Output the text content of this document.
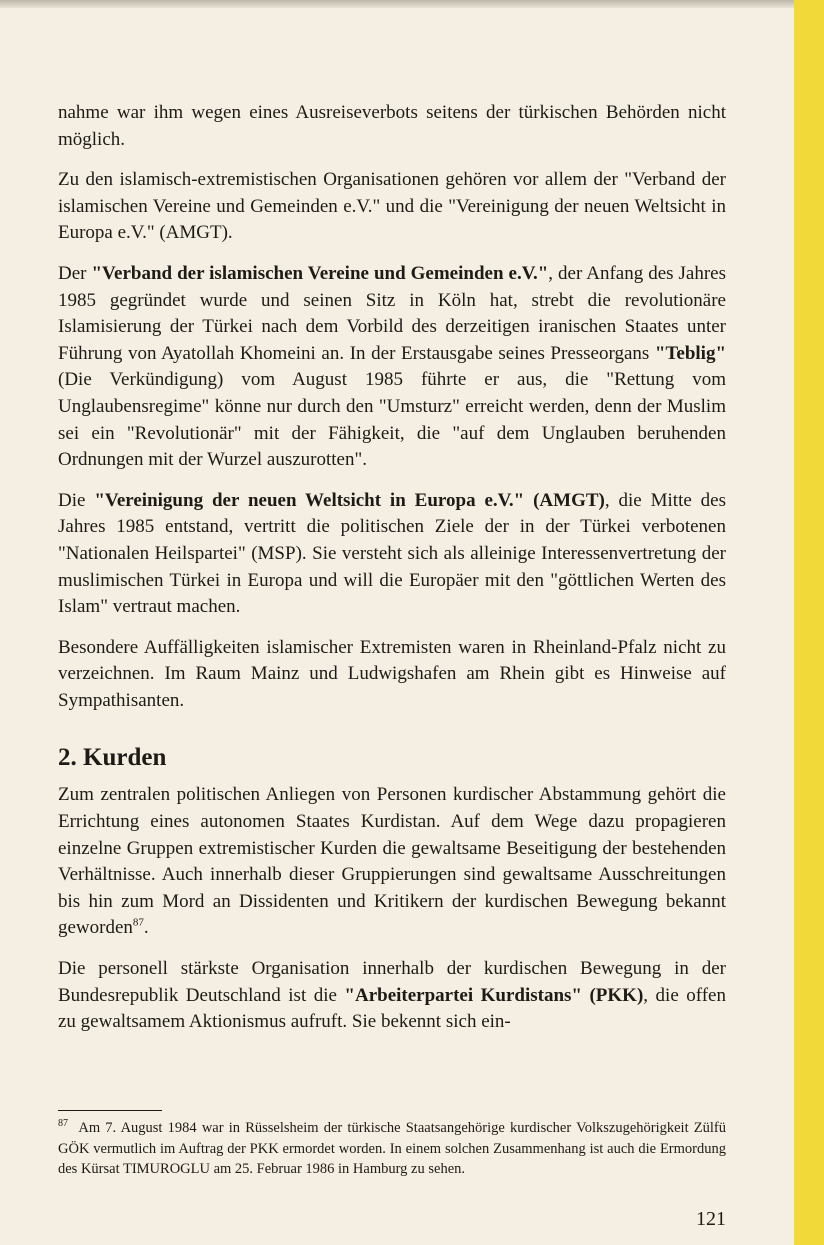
nahme war ihm wegen eines Ausreiseverbots seitens der türkischen Behörden nicht möglich.

Zu den islamisch-extremistischen Organisationen gehören vor allem der "Verband der islamischen Vereine und Gemeinden e.V." und die "Vereinigung der neuen Weltsicht in Europa e.V." (AMGT).

Der "Verband der islamischen Vereine und Gemeinden e.V.", der Anfang des Jahres 1985 gegründet wurde und seinen Sitz in Köln hat, strebt die revolutionäre Islamisierung der Türkei nach dem Vorbild des derzeitigen iranischen Staates unter Führung von Ayatollah Khomeini an. In der Erstausgabe seines Presseorgans "Teblig" (Die Verkündigung) vom August 1985 führte er aus, die "Rettung vom Unglaubensregime" könne nur durch den "Umsturz" erreicht werden, denn der Muslim sei ein "Revolutionär" mit der Fähigkeit, die "auf dem Unglauben beruhenden Ordnungen mit der Wurzel auszurotten".

Die "Vereinigung der neuen Weltsicht in Europa e.V." (AMGT), die Mitte des Jahres 1985 entstand, vertritt die politischen Ziele der in der Türkei verbotenen "Nationalen Heilspartei" (MSP). Sie versteht sich als alleinige Interessenvertretung der muslimischen Türkei in Europa und will die Europäer mit den "göttlichen Werten des Islam" vertraut machen.

Besondere Auffälligkeiten islamischer Extremisten waren in Rheinland-Pfalz nicht zu verzeichnen. Im Raum Mainz und Ludwigshafen am Rhein gibt es Hinweise auf Sympathisanten.

2. Kurden

Zum zentralen politischen Anliegen von Personen kurdischer Abstammung gehört die Errichtung eines autonomen Staates Kurdistan. Auf dem Wege dazu propagieren einzelne Gruppen extremistischer Kurden die gewaltsame Beseitigung der bestehenden Verhältnisse. Auch innerhalb dieser Gruppierungen sind gewaltsame Ausschreitungen bis hin zum Mord an Dissidenten und Kritikern der kurdischen Bewegung bekannt geworden$^{87}$.

Die personell stärkste Organisation innerhalb der kurdischen Bewegung in der Bundesrepublik Deutschland ist die "Arbeiterpartei Kurdistans" (PKK), die offen zu gewaltsamem Aktionismus aufruft. Sie bekennt sich ein-

$^{87}$ Am 7. August 1984 war in Rüsselsheim der türkische Staatsangehörige kurdischer Volkszugehörigkeit Zülfü GÖK vermutlich im Auftrag der PKK ermordet worden. In einem solchen Zusammenhang ist auch die Ermordung des Kürsat TIMUROGLU am 25. Februar 1986 in Hamburg zu sehen.
121
